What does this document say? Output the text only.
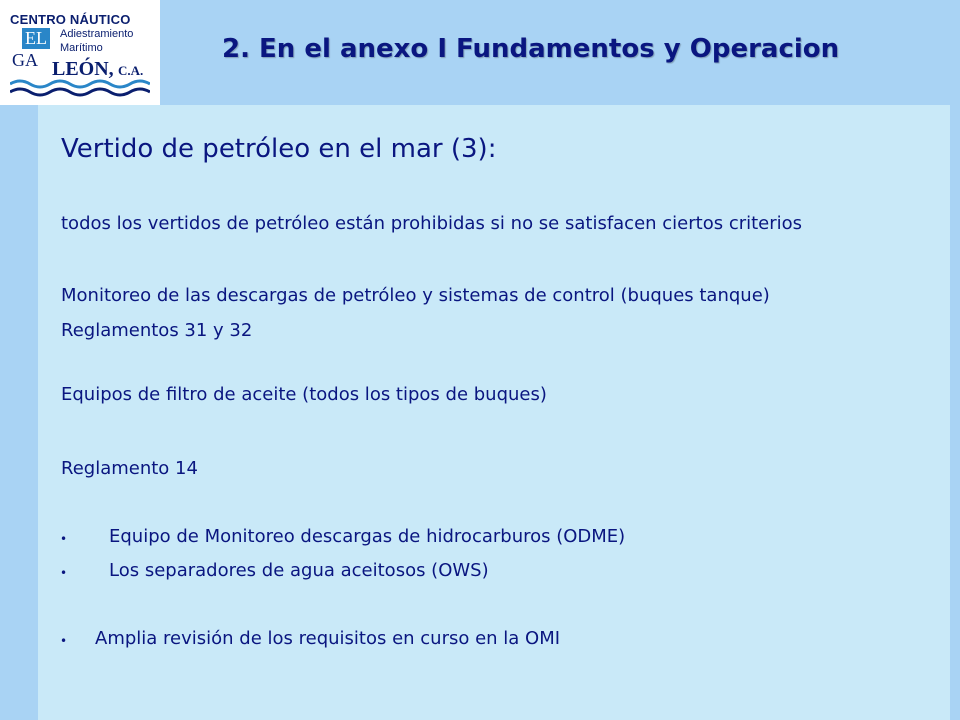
CENTRO NÁUTICO
EL Adiestramiento
Marítimo
GA LEÓN, C.A.
2. En el anexo I Fundamentos y Operacion
Vertido de petróleo en el mar (3):
todos los vertidos de petróleo están prohibidas si no se satisfacen ciertos criterios
Monitoreo de las descargas de petróleo y sistemas de control (buques tanque)
Reglamentos 31 y 32
Equipos de filtro de aceite (todos los tipos de buques)
Reglamento 14
• Equipo de Monitoreo descargas de hidrocarburos (ODME)
• Los separadores de agua aceitosos (OWS)
• Amplia revisión de los requisitos en curso en la OMI
